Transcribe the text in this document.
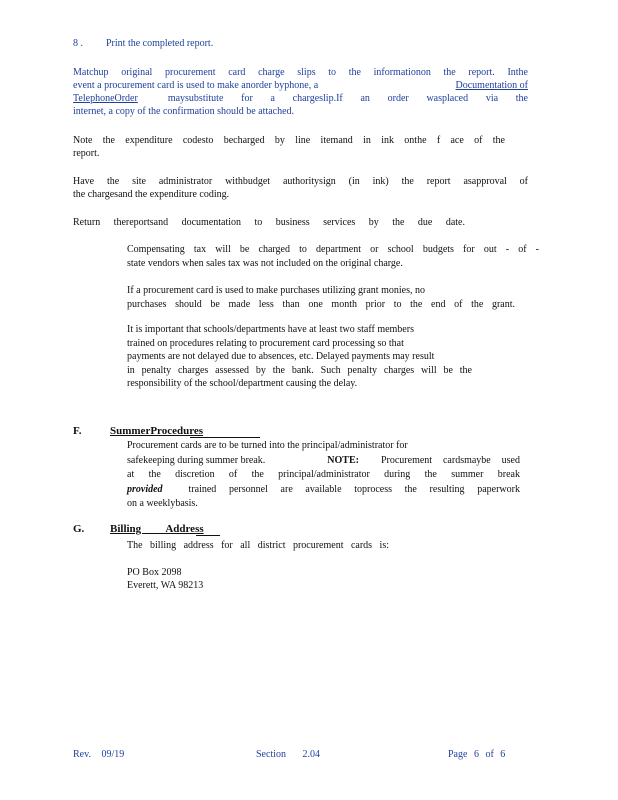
8 . Print the completed report.
Matchup original procurement card charge slips to the informationon the report. Inthe
event a procurement card is used to make anorder byphone, a	Documentation of
TelephoneOrder	maysubstitute for a chargeslip.If an order wasplaced via the
internet, a copy of the confirmation should be attached.
Note the expenditure codesto becharged by line itemand in ink onthe f ace of the
report.
Have the site administrator withbudget authoritysign (in ink) the report asapproval of
the chargesand the expenditure coding.
Return thereportsand documentation to business services by the due date.
Compensating tax will be charged to department or school budgets for out - of -
state vendors when sales tax was not included on the original charge.
If a procurement card is used to make purchases utilizing grant monies, no
purchases should be made less than one month prior to the end of the grant.
It is important that schools/departments have at least two staff members
trained on procedures relating to procurement card processing so that
payments are not delayed due to absences, etc. Delayed payments may result
in penalty charges assessed by the bank. Such penalty charges will be the
responsibility of the school/department causing the delay.
F.	SummerProcedures
Procurement cards are to be turned into the principal/administrator for
safekeeping during summer break.	NOTE: Procurement cardsmaybe used
at the discretion of the principal/administrator during the summer break
provided	trained personnel are available toprocess the resulting paperwork
on a weeklybasis.
G. Billing Address
The billing address for all district procurement cards is:
PO Box 2098
Everett, WA 98213
Rev. 09/19	Section 2.04	Page 6 of 6
